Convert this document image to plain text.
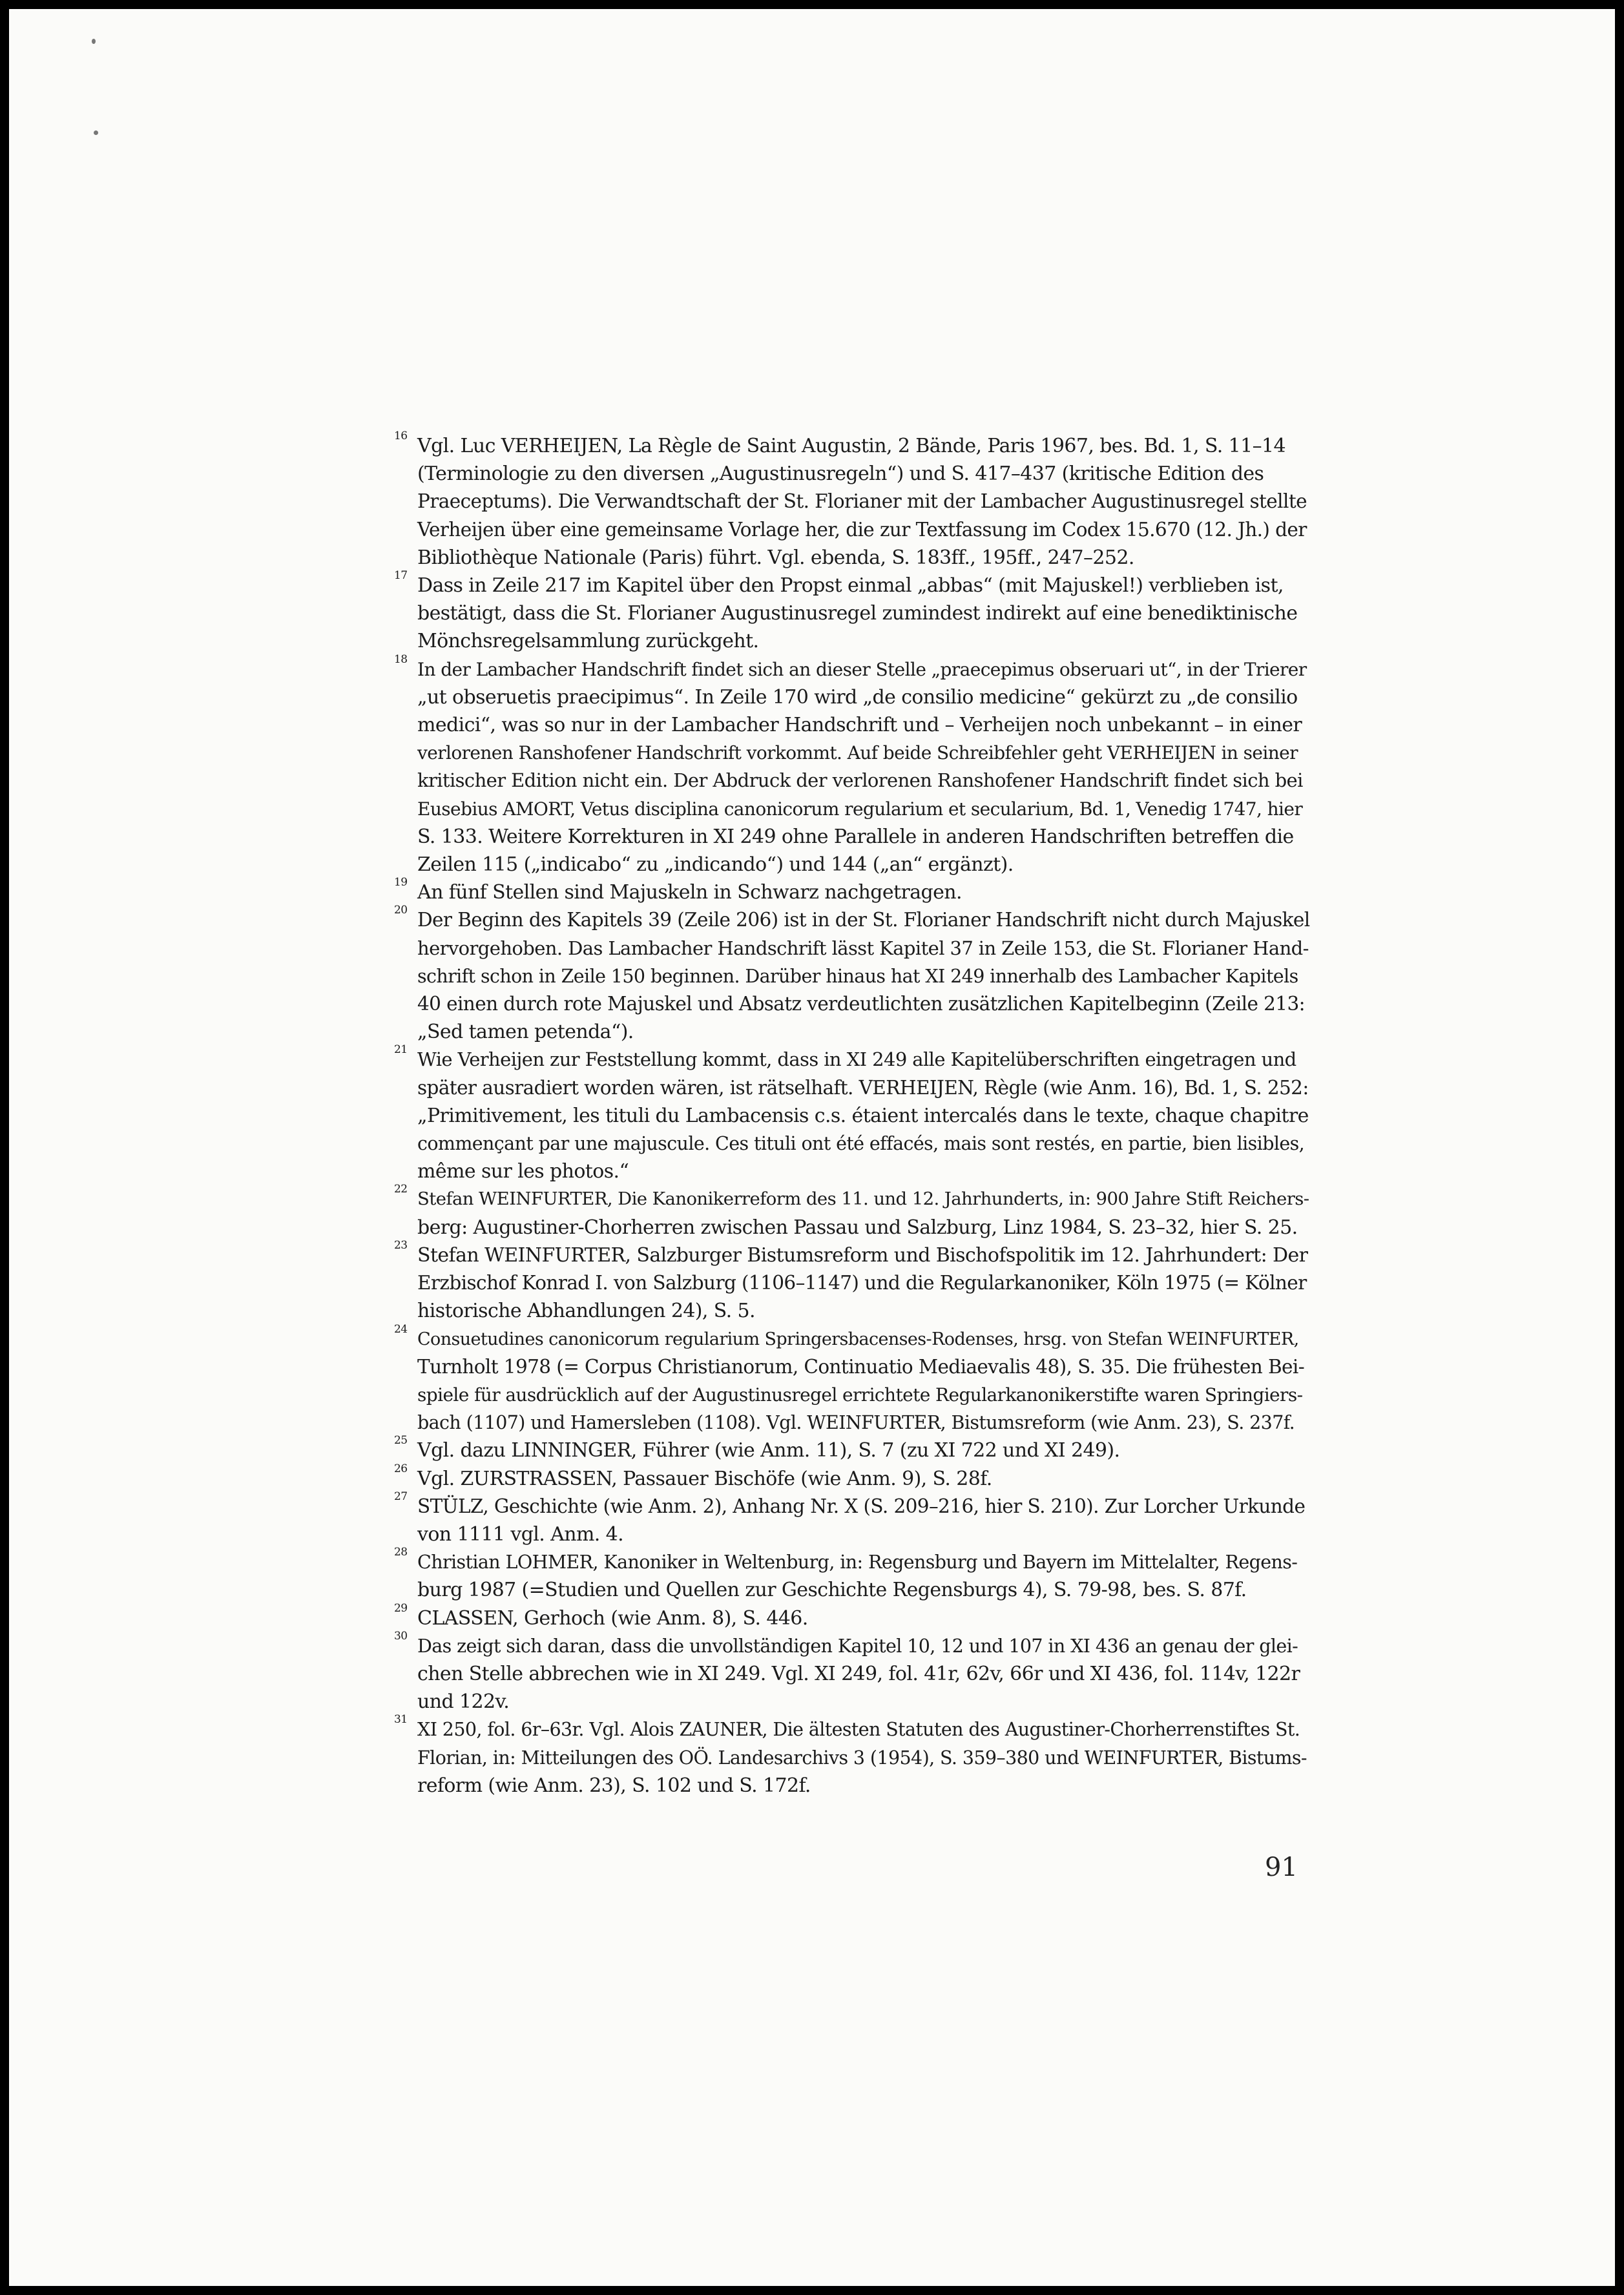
16 Vgl. Luc VERHEIJEN, La Règle de Saint Augustin, 2 Bände, Paris 1967, bes. Bd. 1, S. 11–14
(Terminologie zu den diversen „Augustinusregeln“) und S. 417–437 (kritische Edition des
Praeceptums). Die Verwandtschaft der St. Florianer mit der Lambacher Augustinusregel stellte
Verheijen über eine gemeinsame Vorlage her, die zur Textfassung im Codex 15.670 (12. Jh.) der
Bibliothèque Nationale (Paris) führt. Vgl. ebenda, S. 183ff., 195ff., 247–252.
17 Dass in Zeile 217 im Kapitel über den Propst einmal „abbas“ (mit Majuskel!) verblieben ist,
bestätigt, dass die St. Florianer Augustinusregel zumindest indirekt auf eine benediktinische
Mönchsregelsammlung zurückgeht.
18 In der Lambacher Handschrift findet sich an dieser Stelle „praecepimus obseruari ut“, in der Trierer
„ut obseruetis praecipimus“. In Zeile 170 wird „de consilio medicine“ gekürzt zu „de consilio
medici“, was so nur in der Lambacher Handschrift und – Verheijen noch unbekannt – in einer
verlorenen Ranshofener Handschrift vorkommt. Auf beide Schreibfehler geht VERHEIJEN in seiner
kritischer Edition nicht ein. Der Abdruck der verlorenen Ranshofener Handschrift findet sich bei
Eusebius AMORT, Vetus disciplina canonicorum regularium et secularium, Bd. 1, Venedig 1747, hier
S. 133. Weitere Korrekturen in XI 249 ohne Parallele in anderen Handschriften betreffen die
Zeilen 115 („indicabo“ zu „indicando“) und 144 („an“ ergänzt).
19 An fünf Stellen sind Majuskeln in Schwarz nachgetragen.
20 Der Beginn des Kapitels 39 (Zeile 206) ist in der St. Florianer Handschrift nicht durch Majuskel
hervorgehoben. Das Lambacher Handschrift lässt Kapitel 37 in Zeile 153, die St. Florianer Hand-
schrift schon in Zeile 150 beginnen. Darüber hinaus hat XI 249 innerhalb des Lambacher Kapitels
40 einen durch rote Majuskel und Absatz verdeutlichten zusätzlichen Kapitelbeginn (Zeile 213:
„Sed tamen petenda“).
21 Wie Verheijen zur Feststellung kommt, dass in XI 249 alle Kapitelüberschriften eingetragen und
später ausradiert worden wären, ist rätselhaft. VERHEIJEN, Règle (wie Anm. 16), Bd. 1, S. 252:
„Primitivement, les tituli du Lambacensis c.s. étaient intercalés dans le texte, chaque chapitre
commençant par une majuscule. Ces tituli ont été effacés, mais sont restés, en partie, bien lisibles,
même sur les photos.“
22 Stefan WEINFURTER, Die Kanonikerreform des 11. und 12. Jahrhunderts, in: 900 Jahre Stift Reichers-
berg: Augustiner-Chorherren zwischen Passau und Salzburg, Linz 1984, S. 23–32, hier S. 25.
23 Stefan WEINFURTER, Salzburger Bistumsreform und Bischofspolitik im 12. Jahrhundert: Der
Erzbischof Konrad I. von Salzburg (1106–1147) und die Regularkanoniker, Köln 1975 (= Kölner
historische Abhandlungen 24), S. 5.
24 Consuetudines canonicorum regularium Springersbacenses-Rodenses, hrsg. von Stefan WEINFURTER,
Turnholt 1978 (= Corpus Christianorum, Continuatio Mediaevalis 48), S. 35. Die frühesten Bei-
spiele für ausdrücklich auf der Augustinusregel errichtete Regularkanonikerstifte waren Springiers-
bach (1107) und Hamersleben (1108). Vgl. WEINFURTER, Bistumsreform (wie Anm. 23), S. 237f.
25 Vgl. dazu LINNINGER, Führer (wie Anm. 11), S. 7 (zu XI 722 und XI 249).
26 Vgl. ZURSTRASSEN, Passauer Bischöfe (wie Anm. 9), S. 28f.
27 STÜLZ, Geschichte (wie Anm. 2), Anhang Nr. X (S. 209–216, hier S. 210). Zur Lorcher Urkunde
von 1111 vgl. Anm. 4.
28 Christian LOHMER, Kanoniker in Weltenburg, in: Regensburg und Bayern im Mittelalter, Regens-
burg 1987 (=Studien und Quellen zur Geschichte Regensburgs 4), S. 79-98, bes. S. 87f.
29 CLASSEN, Gerhoch (wie Anm. 8), S. 446.
30 Das zeigt sich daran, dass die unvollständigen Kapitel 10, 12 und 107 in XI 436 an genau der glei-
chen Stelle abbrechen wie in XI 249. Vgl. XI 249, fol. 41r, 62v, 66r und XI 436, fol. 114v, 122r
und 122v.
31 XI 250, fol. 6r–63r. Vgl. Alois ZAUNER, Die ältesten Statuten des Augustiner-Chorherrenstiftes St.
Florian, in: Mitteilungen des OÖ. Landesarchivs 3 (1954), S. 359–380 und WEINFURTER, Bistums-
reform (wie Anm. 23), S. 102 und S. 172f.
91
